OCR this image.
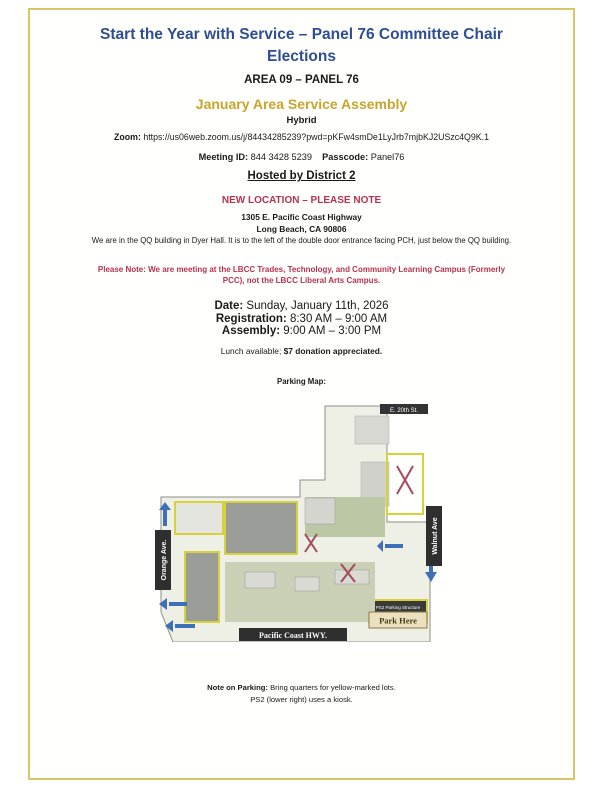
Start the Year with Service – Panel 76 Committee Chair
Elections
AREA 09 – PANEL 76
January Area Service Assembly
Hybrid
Zoom: https://us06web.zoom.us/j/84434285239?pwd=pKFw4smDe1LyJrb7mjbKJ2USzc4Q9K.1
Meeting ID: 844 3428 5239 Passcode: Panel76
Hosted by District 2
NEW LOCATION – PLEASE NOTE
1305 E. Pacific Coast Highway
Long Beach, CA 90806
We are in the QQ building in Dyer Hall. It is to the left of the double door entrance facing PCH, just below the QQ building.
Please Note: We are meeting at the LBCC Trades, Technology, and Community Learning Campus (Formerly PCC), not the LBCC Liberal Arts Campus.
Date: Sunday, January 11th, 2026
Registration: 8:30 AM – 9:00 AM
Assembly: 9:00 AM – 3:00 PM
Lunch available; $7 donation appreciated.
Parking Map:
Note on Parking: Bring quarters for yellow-marked lots.
PS2 (lower right) uses a kiosk.
E. 20th St.
PS2 Parking Structure
Orange Ave.
Walnut Ave
Pacific Coast HWY.
Park Here
